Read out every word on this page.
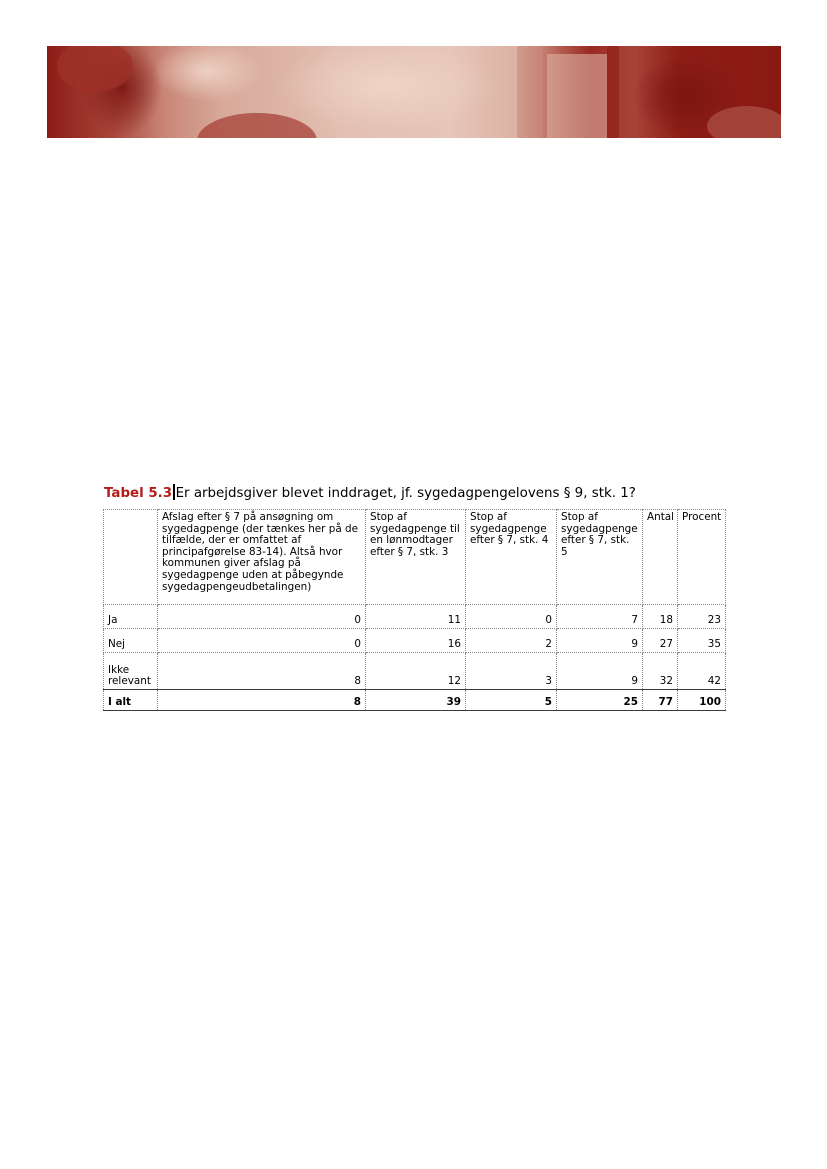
Tabel 5.3 Er arbejdsgiver blevet inddraget, jf. sygedagpengelovens § 9, stk. 1?
	Afslag efter § 7 på ansøgning om sygedagpenge (der tænkes her på de tilfælde, der er omfattet af principafgørelse 83-14). Altså hvor kommunen giver afslag på sygedagpenge uden at påbegynde sygedagpengeudbetalingen)	Stop af sygedagpenge til en lønmodtager efter § 7, stk. 3	Stop af sygedagpenge efter § 7, stk. 4	Stop af sygedagpenge efter § 7, stk. 5	Antal	Procent
Ja	0	11	0	7	18	23
Nej	0	16	2	9	27	35
Ikke relevant	8	12	3	9	32	42
I alt	8	39	5	25	77	100
